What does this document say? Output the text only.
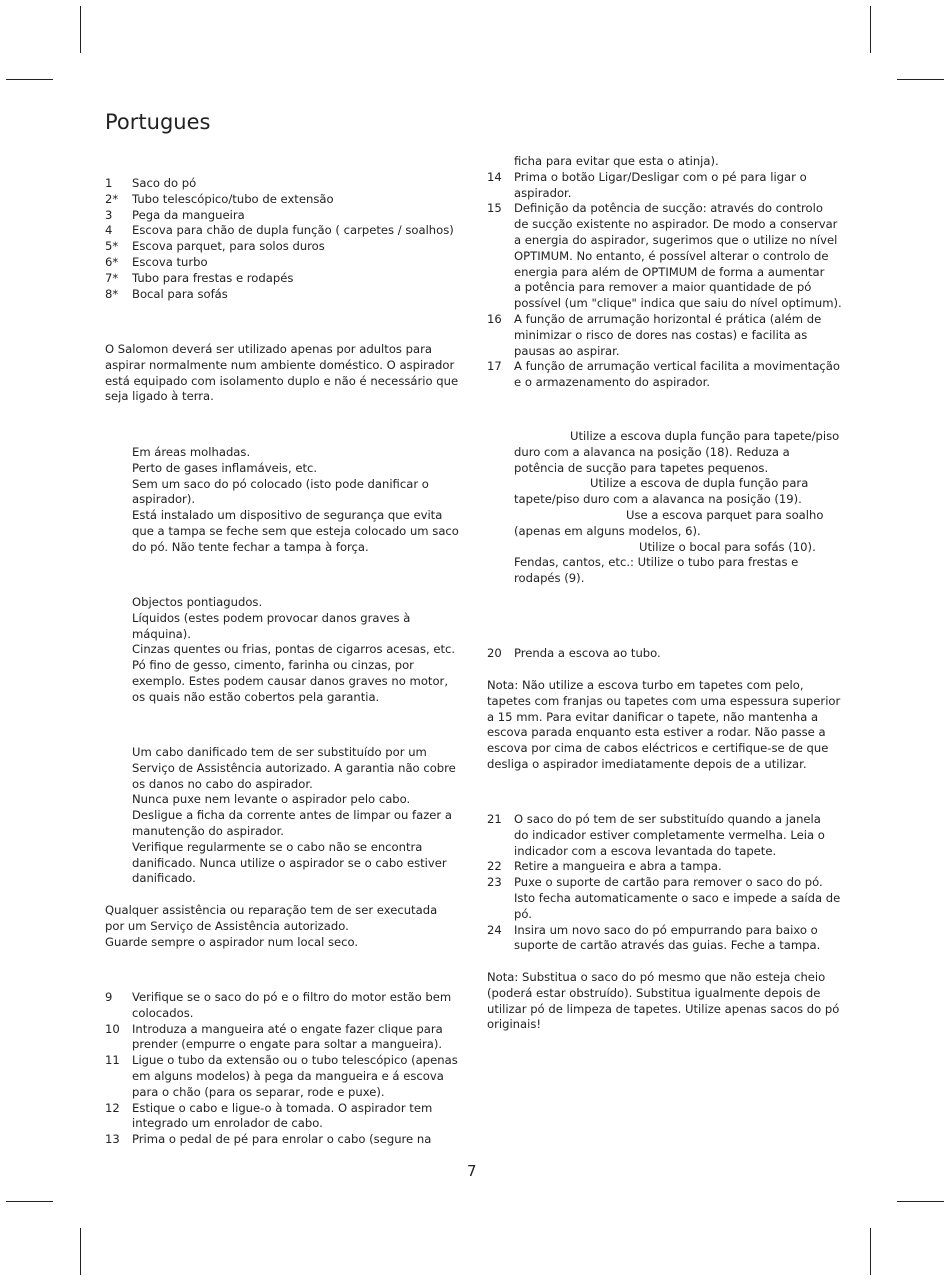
Portugues
1	Saco do pó
2*	Tubo telescópico/tubo de extensão
3	Pega da mangueira
4	Escova para chão de dupla função ( carpetes / soalhos)
5*	Escova parquet, para solos duros
6*	Escova turbo
7*	Tubo para frestas e rodapés
8*	Bocal para sofás

O Salomon deverá ser utilizado apenas por adultos para

aspirar normalmente num ambiente doméstico. O aspirador

está equipado com isolamento duplo e não é necessário que

seja ligado à terra.

Em áreas molhadas.

Perto de gases inflamáveis, etc.

Sem um saco do pó colocado (isto pode danificar o

aspirador).

Está instalado um dispositivo de segurança que evita

que a tampa se feche sem que esteja colocado um saco

do pó. Não tente fechar a tampa à força.

Objectos pontiagudos.

Líquidos (estes podem provocar danos graves à

máquina).

Cinzas quentes ou frias, pontas de cigarros acesas, etc.

Pó fino de gesso, cimento, farinha ou cinzas, por

exemplo. Estes podem causar danos graves no motor,

os quais não estão cobertos pela garantia.

Um cabo danificado tem de ser substituído por um

Serviço de Assistência autorizado. A garantia não cobre

os danos no cabo do aspirador.

Nunca puxe nem levante o aspirador pelo cabo.

Desligue a ficha da corrente antes de limpar ou fazer a

manutenção do aspirador.

Verifique regularmente se o cabo não se encontra

danificado. Nunca utilize o aspirador se o cabo estiver

danificado.

Qualquer assistência ou reparação tem de ser executada

por um Serviço de Assistência autorizado.

Guarde sempre o aspirador num local seco.

9	Verifique se o saco do pó e o filtro do motor estão bem

colocados.

10	Introduza a mangueira até o engate fazer clique para

prender (empurre o engate para soltar a mangueira).

11	Ligue o tubo da extensão ou o tubo telescópico (apenas

em alguns modelos) à pega da mangueira e á escova

para o chão (para os separar, rode e puxe).

12	Estique o cabo e ligue-o à tomada. O aspirador tem

integrado um enrolador de cabo.

13	Prima o pedal de pé para enrolar o cabo (segure na

ficha para evitar que esta o atinja).

14	Prima o botão Ligar/Desligar com o pé para ligar o

aspirador.

15	Definição da potência de sucção: através do controlo

de sucção existente no aspirador. De modo a conservar

a energia do aspirador, sugerimos que o utilize no nível

OPTIMUM. No entanto, é possível alterar o controlo de

energia para além de OPTIMUM de forma a aumentar

a potência para remover a maior quantidade de pó

possível (um "clique" indica que saiu do nível optimum).

16	A função de arrumação horizontal é prática (além de

minimizar o risco de dores nas costas) e facilita as

pausas ao aspirar.

17	A função de arrumação vertical facilita a movimentação

e o armazenamento do aspirador.

Utilize a escova dupla função para tapete/piso

duro com a alavanca na posição (18). Reduza a

potência de sucção para tapetes pequenos.

Utilize a escova de dupla função para

tapete/piso duro com a alavanca na posição (19).

Use a escova parquet para soalho

(apenas em alguns modelos, 6).

Utilize o bocal para sofás (10).

Fendas, cantos, etc.: Utilize o tubo para frestas e

rodapés (9).

20	Prenda a escova ao tubo.

Nota: Não utilize a escova turbo em tapetes com pelo,

tapetes com franjas ou tapetes com uma espessura superior

a 15 mm. Para evitar danificar o tapete, não mantenha a

escova parada enquanto esta estiver a rodar. Não passe a

escova por cima de cabos eléctricos e certifique-se de que

desliga o aspirador imediatamente depois de a utilizar.

21	O saco do pó tem de ser substituído quando a janela

do indicador estiver completamente vermelha. Leia o

indicador com a escova levantada do tapete.

22	Retire a mangueira e abra a tampa.

23	Puxe o suporte de cartão para remover o saco do pó.

Isto fecha automaticamente o saco e impede a saída de

pó.

24	Insira um novo saco do pó empurrando para baixo o

suporte de cartão através das guias. Feche a tampa.

Nota: Substitua o saco do pó mesmo que não esteja cheio

(poderá estar obstruído). Substitua igualmente depois de

utilizar pó de limpeza de tapetes. Utilize apenas sacos do pó

originais!

7
